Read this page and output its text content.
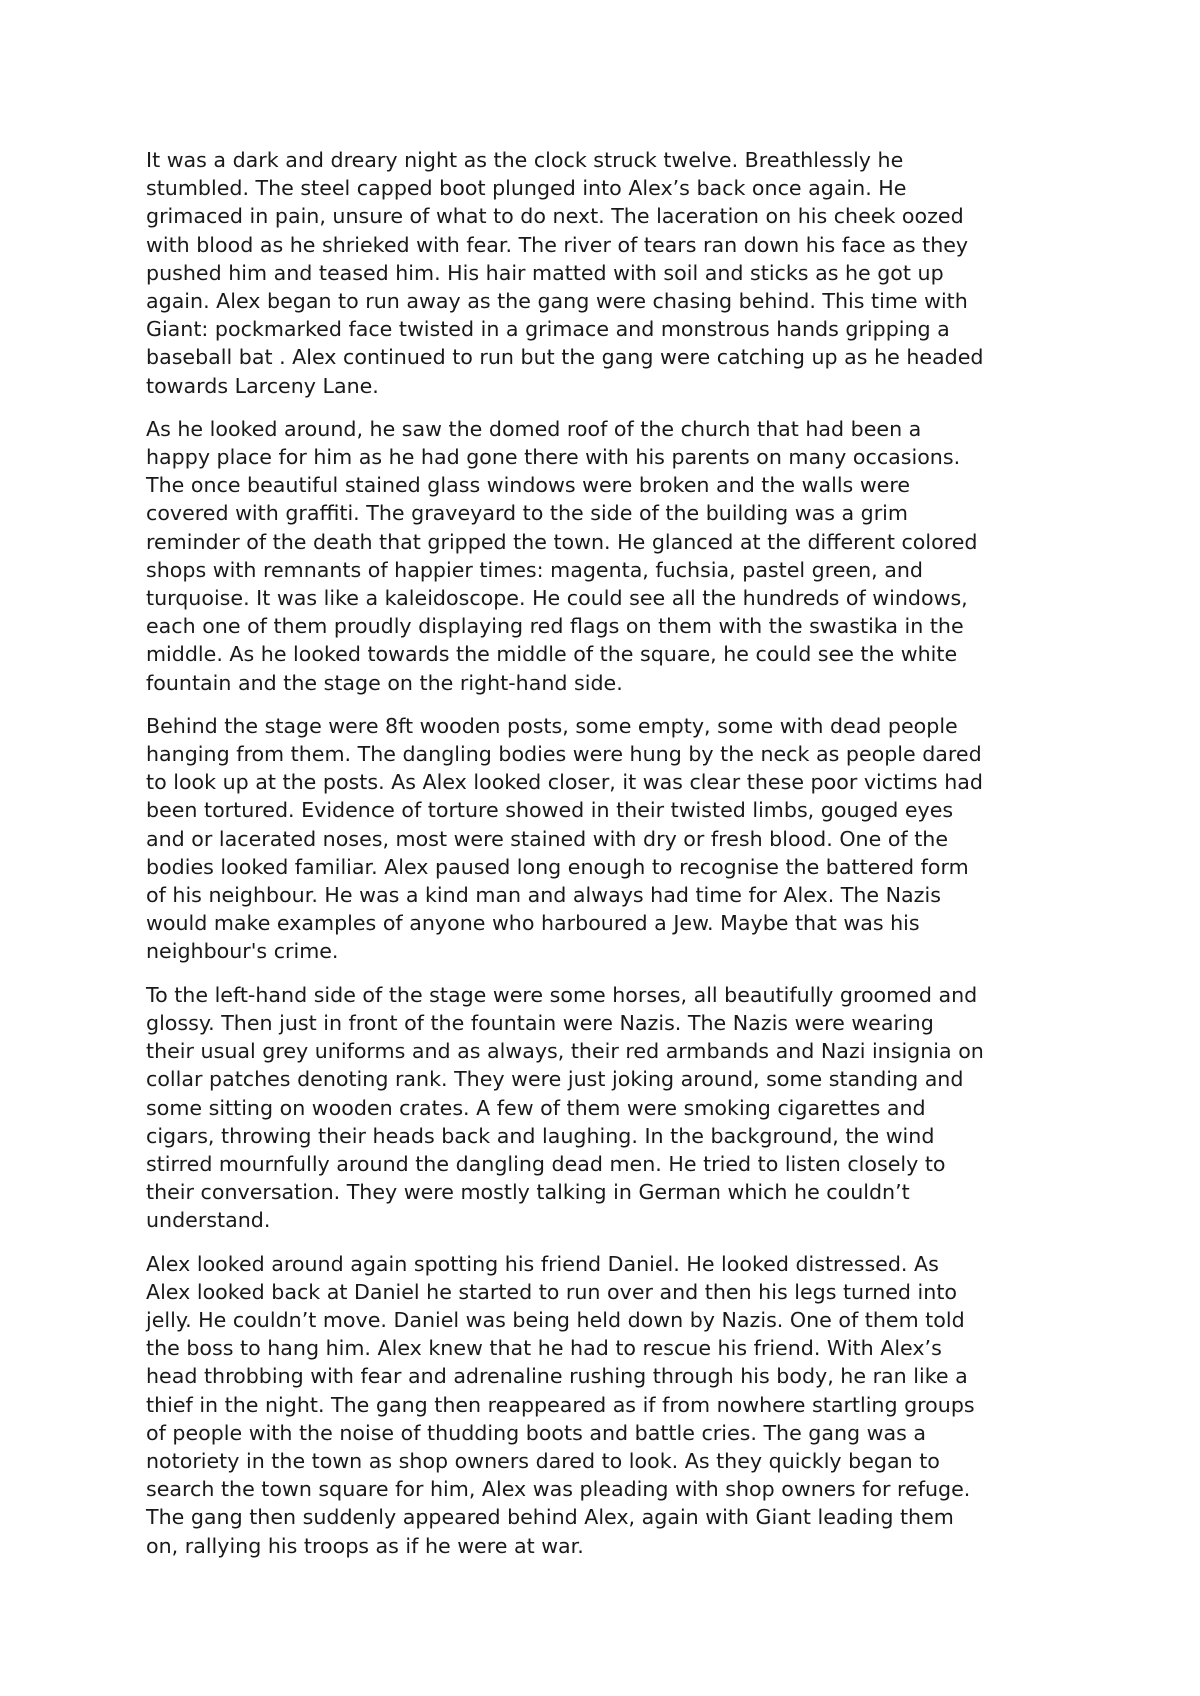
It was a dark and dreary night as the clock struck twelve. Breathlessly he
stumbled. The steel capped boot plunged into Alex’s back once again. He
grimaced in pain, unsure of what to do next. The laceration on his cheek oozed
with blood as he shrieked with fear. The river of tears ran down his face as they
pushed him and teased him. His hair matted with soil and sticks as he got up
again. Alex began to run away as the gang were chasing behind. This time with
Giant: pockmarked face twisted in a grimace and monstrous hands gripping a
baseball bat . Alex continued to run but the gang were catching up as he headed
towards Larceny Lane.

As he looked around, he saw the domed roof of the church that had been a
happy place for him as he had gone there with his parents on many occasions.
The once beautiful stained glass windows were broken and the walls were
covered with graffiti. The graveyard to the side of the building was a grim
reminder of the death that gripped the town. He glanced at the different colored
shops with remnants of happier times: magenta, fuchsia, pastel green, and
turquoise. It was like a kaleidoscope. He could see all the hundreds of windows,
each one of them proudly displaying red flags on them with the swastika in the
middle. As he looked towards the middle of the square, he could see the white
fountain and the stage on the right-hand side.

Behind the stage were 8ft wooden posts, some empty, some with dead people
hanging from them. The dangling bodies were hung by the neck as people dared
to look up at the posts. As Alex looked closer, it was clear these poor victims had
been tortured. Evidence of torture showed in their twisted limbs, gouged eyes
and or lacerated noses, most were stained with dry or fresh blood. One of the
bodies looked familiar. Alex paused long enough to recognise the battered form
of his neighbour. He was a kind man and always had time for Alex. The Nazis
would make examples of anyone who harboured a Jew. Maybe that was his
neighbour's crime.

To the left-hand side of the stage were some horses, all beautifully groomed and
glossy. Then just in front of the fountain were Nazis. The Nazis were wearing
their usual grey uniforms and as always, their red armbands and Nazi insignia on
collar patches denoting rank. They were just joking around, some standing and
some sitting on wooden crates. A few of them were smoking cigarettes and
cigars, throwing their heads back and laughing. In the background, the wind
stirred mournfully around the dangling dead men. He tried to listen closely to
their conversation. They were mostly talking in German which he couldn’t
understand.

Alex looked around again spotting his friend Daniel. He looked distressed. As
Alex looked back at Daniel he started to run over and then his legs turned into
jelly. He couldn’t move. Daniel was being held down by Nazis. One of them told
the boss to hang him. Alex knew that he had to rescue his friend. With Alex’s
head throbbing with fear and adrenaline rushing through his body, he ran like a
thief in the night. The gang then reappeared as if from nowhere startling groups
of people with the noise of thudding boots and battle cries. The gang was a
notoriety in the town as shop owners dared to look. As they quickly began to
search the town square for him, Alex was pleading with shop owners for refuge.
The gang then suddenly appeared behind Alex, again with Giant leading them
on, rallying his troops as if he were at war.
